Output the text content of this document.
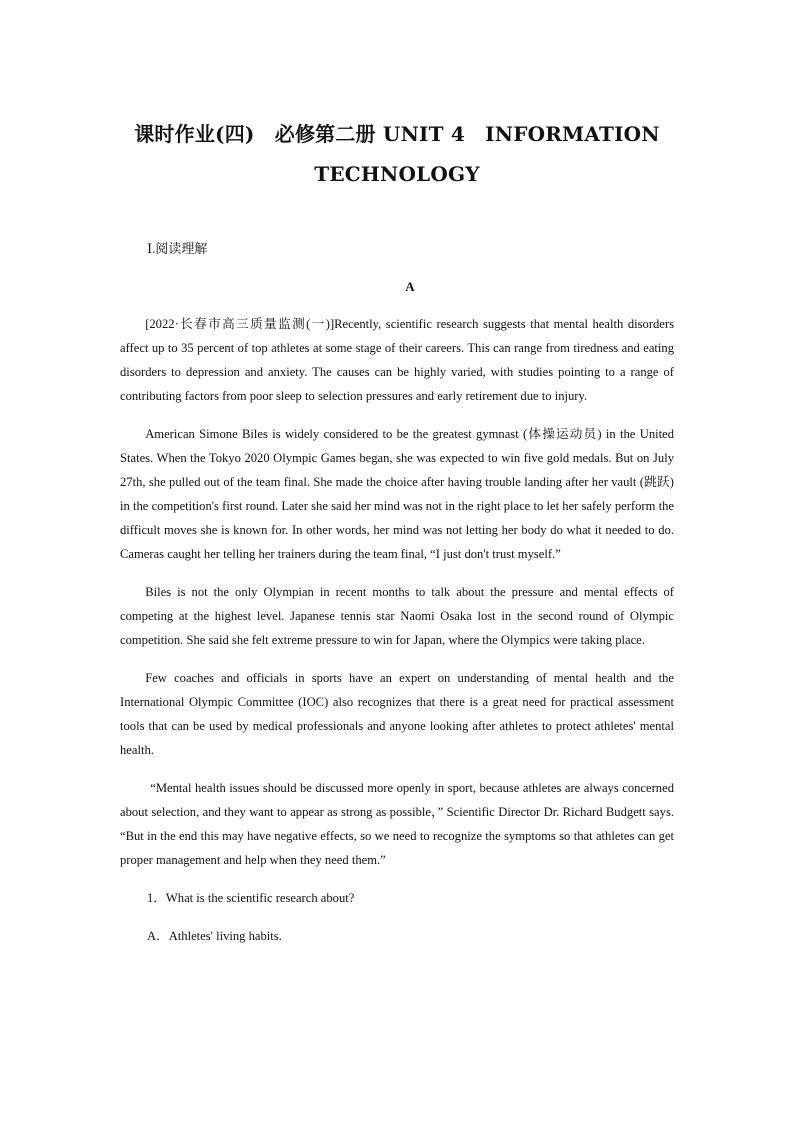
课时作业(四)　必修第二册 UNIT 4　INFORMATION
TECHNOLOGY
Ⅰ.阅读理解
A

[2022·长春市高三质量监测(一)]Recently, scientific research suggests that mental health disorders affect up to 35 percent of top athletes at some stage of their careers. This can range from tiredness and eating disorders to depression and anxiety. The causes can be highly varied, with studies pointing to a range of contributing factors from poor sleep to selection pressures and early retirement due to injury.

American Simone Biles is widely considered to be the greatest gymnast (体操运动员) in the United States. When the Tokyo 2020 Olympic Games began, she was expected to win five gold medals. But on July 27th, she pulled out of the team final. She made the choice after having trouble landing after her vault (跳跃) in the competition's first round. Later she said her mind was not in the right place to let her safely perform the difficult moves she is known for. In other words, her mind was not letting her body do what it needed to do. Cameras caught her telling her trainers during the team final, “I just don't trust myself.”

Biles is not the only Olympian in recent months to talk about the pressure and mental effects of competing at the highest level. Japanese tennis star Naomi Osaka lost in the second round of Olympic competition. She said she felt extreme pressure to win for Japan, where the Olympics were taking place.

Few coaches and officials in sports have an expert on understanding of mental health and the International Olympic Committee (IOC) also recognizes that there is a great need for practical assessment tools that can be used by medical professionals and anyone looking after athletes to protect athletes' mental health.

“Mental health issues should be discussed more openly in sport, because athletes are always concerned about selection, and they want to appear as strong as possible，” Scientific Director Dr. Richard Budgett says. “But in the end this may have negative effects, so we need to recognize the symptoms so that athletes can get proper management and help when they need them.”

1．What is the scientific research about?

A．Athletes' living habits.
